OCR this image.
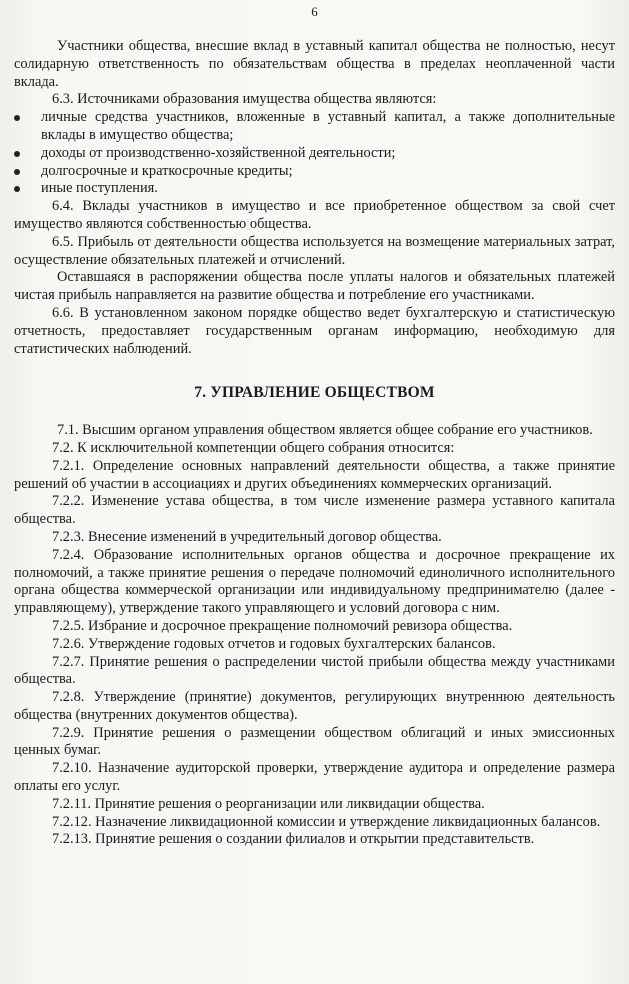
6

Участники общества, внесшие вклад в уставный капитал общества не полностью, несут солидарную ответственность по обязательствам общества в пределах неоплаченной части вклада.

6.3. Источниками образования имущества общества являются:

личные средства участников, вложенные в уставный капитал, а также дополнительные вклады в имущество общества;

доходы от производственно-хозяйственной деятельности;

долгосрочные и краткосрочные кредиты;

иные поступления.

6.4. Вклады участников в имущество и все приобретенное обществом за свой счет имущество являются собственностью общества.

6.5. Прибыль от деятельности общества используется на возмещение материальных затрат, осуществление обязательных платежей и отчислений.

Оставшаяся в распоряжении общества после уплаты налогов и обязательных платежей чистая прибыль направляется на развитие общества и потребление его участниками.

6.6. В установленном законом порядке общество ведет бухгалтерскую и статистическую отчетность, предоставляет государственным органам информацию, необходимую для статистических наблюдений.

7. УПРАВЛЕНИЕ ОБЩЕСТВОМ

7.1. Высшим органом управления обществом является общее собрание его участников.

7.2. К исключительной компетенции общего собрания относится:

7.2.1. Определение основных направлений деятельности общества, а также принятие решений об участии в ассоциациях и других объединениях коммерческих организаций.

7.2.2. Изменение устава общества, в том числе изменение размера уставного капитала общества.

7.2.3. Внесение изменений в учредительный договор общества.

7.2.4. Образование исполнительных органов общества и досрочное прекращение их полномочий, а также принятие решения о передаче полномочий единоличного исполнительного органа общества коммерческой организации или индивидуальному предпринимателю (далее - управляющему), утверждение такого управляющего и условий договора с ним.

7.2.5. Избрание и досрочное прекращение полномочий ревизора общества.

7.2.6. Утверждение годовых отчетов и годовых бухгалтерских балансов.

7.2.7. Принятие решения о распределении чистой прибыли общества между участниками общества.

7.2.8. Утверждение (принятие) документов, регулирующих внутреннюю деятельность общества (внутренних документов общества).

7.2.9. Принятие решения о размещении обществом облигаций и иных эмиссионных ценных бумаг.

7.2.10. Назначение аудиторской проверки, утверждение аудитора и определение размера оплаты его услуг.

7.2.11. Принятие решения о реорганизации или ликвидации общества.

7.2.12. Назначение ликвидационной комиссии и утверждение ликвидационных балансов.

7.2.13. Принятие решения о создании филиалов и открытии представительств.
